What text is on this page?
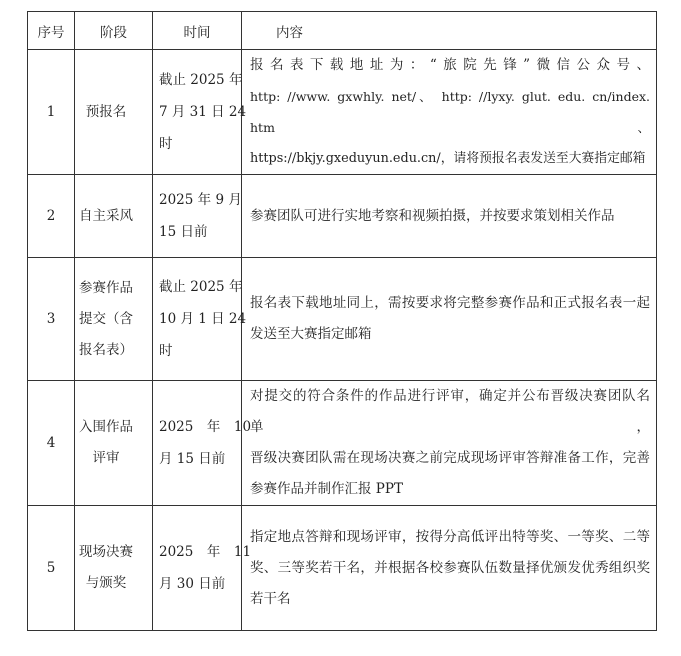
序号	阶段	时间	内容
1	预报名	截止 2025 年
7 月 31 日 24
时	报名表下载地址为：“旅院先锋”微信公众号、
http: //www. gxwhly. net/、 http: //lyxy. glut. edu. cn/index. htm、
https://bkjy.gxeduyun.edu.cn/，请将预报名表发送至大赛指定邮箱

2	自主采风	2025 年 9 月
15 日前	参赛团队可进行实地考察和视频拍摄，并按要求策划相关作品

3	参赛作品
提交（含
报名表）	截止 2025 年
10 月 1 日 24
时	报名表下载地址同上，需按要求将完整参赛作品和正式报名表一起
发送至大赛指定邮箱

4	入围作品
评审	2025　年　10
月 15 日前	对提交的符合条件的作品进行评审，确定并公布晋级决赛团队名单，
晋级决赛团队需在现场决赛之前完成现场评审答辩准备工作，完善
参赛作品并制作汇报 PPT

5	现场决赛
与颁奖	2025　年　11
月 30 日前	指定地点答辩和现场评审，按得分高低评出特等奖、一等奖、二等
奖、三等奖若干名，并根据各校参赛队伍数量择优颁发优秀组织奖
若干名
